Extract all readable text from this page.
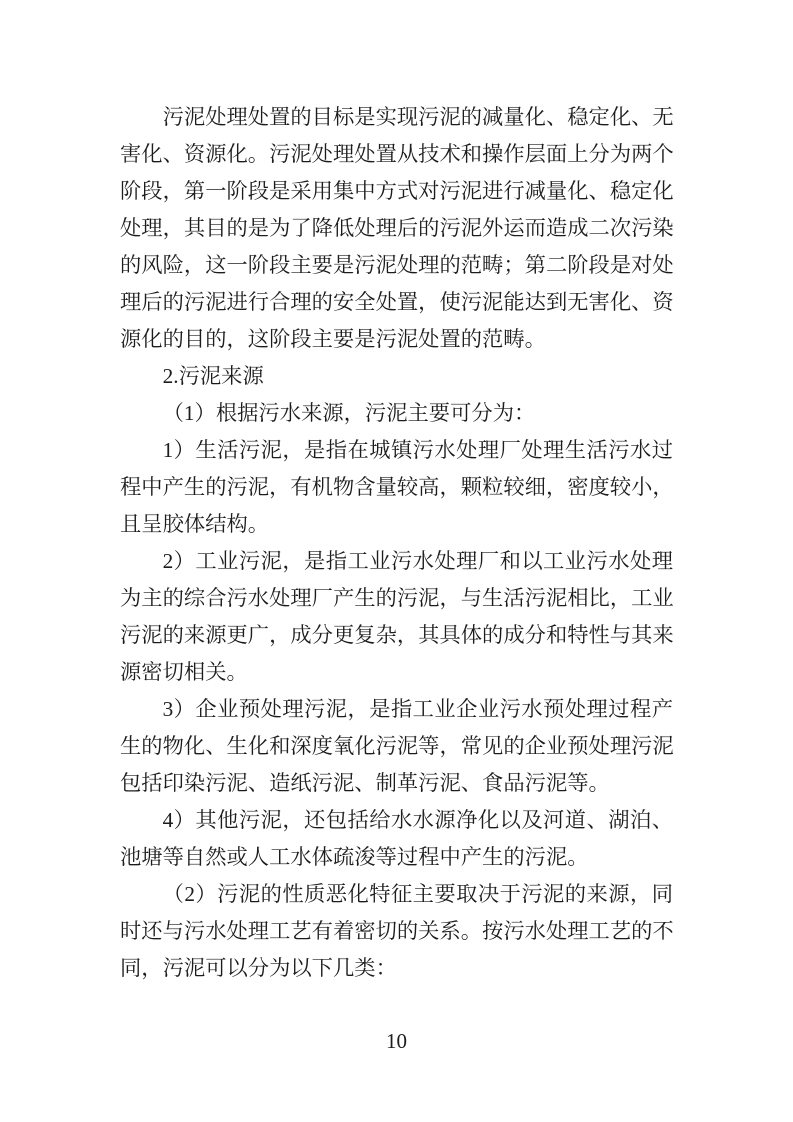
污泥处理处置的目标是实现污泥的减量化、稳定化、无
害化、资源化。污泥处理处置从技术和操作层面上分为两个
阶段，第一阶段是采用集中方式对污泥进行减量化、稳定化
处理，其目的是为了降低处理后的污泥外运而造成二次污染
的风险，这一阶段主要是污泥处理的范畴；第二阶段是对处
理后的污泥进行合理的安全处置，使污泥能达到无害化、资
源化的目的，这阶段主要是污泥处置的范畴。
2.污泥来源
（1）根据污水来源，污泥主要可分为：
1）生活污泥，是指在城镇污水处理厂处理生活污水过
程中产生的污泥，有机物含量较高，颗粒较细，密度较小，
且呈胶体结构。
2）工业污泥，是指工业污水处理厂和以工业污水处理
为主的综合污水处理厂产生的污泥，与生活污泥相比，工业
污泥的来源更广，成分更复杂，其具体的成分和特性与其来
源密切相关。
3）企业预处理污泥，是指工业企业污水预处理过程产
生的物化、生化和深度氧化污泥等，常见的企业预处理污泥
包括印染污泥、造纸污泥、制革污泥、食品污泥等。
4）其他污泥，还包括给水水源净化以及河道、湖泊、
池塘等自然或人工水体疏浚等过程中产生的污泥。
（2）污泥的性质恶化特征主要取决于污泥的来源，同
时还与污水处理工艺有着密切的关系。按污水处理工艺的不
同，污泥可以分为以下几类：
10
